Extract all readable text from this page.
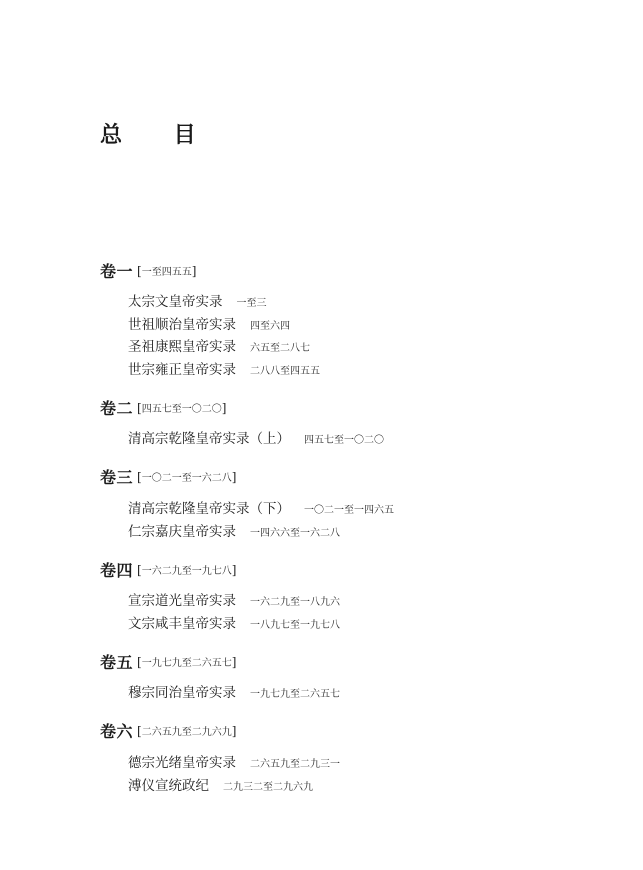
总 目
卷一 [一至四五五]
太宗文皇帝实录 一至三
世祖顺治皇帝实录 四至六四
圣祖康熙皇帝实录 六五至二八七
世宗雍正皇帝实录 二八八至四五五
卷二 [四五七至一〇二〇]
清高宗乾隆皇帝实录（上） 四五七至一〇二〇
卷三 [一〇二一至一六二八]
清高宗乾隆皇帝实录（下） 一〇二一至一四六五
仁宗嘉庆皇帝实录 一四六六至一六二八
卷四 [一六二九至一九七八]
宣宗道光皇帝实录 一六二九至一八九六
文宗咸丰皇帝实录 一八九七至一九七八
卷五 [一九七九至二六五七]
穆宗同治皇帝实录 一九七九至二六五七
卷六 [二六五九至二九六九]
德宗光绪皇帝实录 二六五九至二九三一
溥仪宣统政纪 二九三二至二九六九
